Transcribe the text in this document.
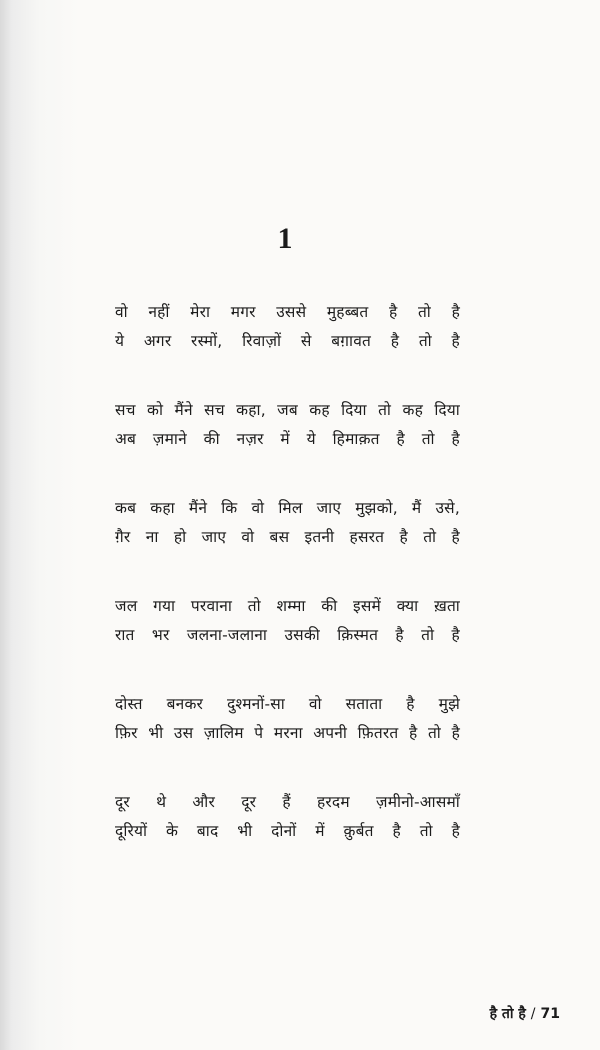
1
वो नहीं मेरा मगर उससे मुहब्बत है तो है
ये अगर रस्मों, रिवाज़ों से बग़ावत है तो है
सच को मैंने सच कहा, जब कह दिया तो कह दिया
अब ज़माने की नज़र में ये हिमाक़त है तो है
कब कहा मैंने कि वो मिल जाए मुझको, मैं उसे,
ग़ैर ना हो जाए वो बस इतनी हसरत है तो है
जल गया परवाना तो शम्मा की इसमें क्या ख़ता
रात भर जलना-जलाना उसकी क़िस्मत है तो है
दोस्त बनकर दुश्मनों-सा वो सताता है मुझे
फ़िर भी उस ज़ालिम पे मरना अपनी फ़ितरत है तो है
दूर थे और दूर हैं हरदम ज़मीनो-आसमाँ
दूरियों के बाद भी दोनों में क़ुर्बत है तो है
है तो है / 71
